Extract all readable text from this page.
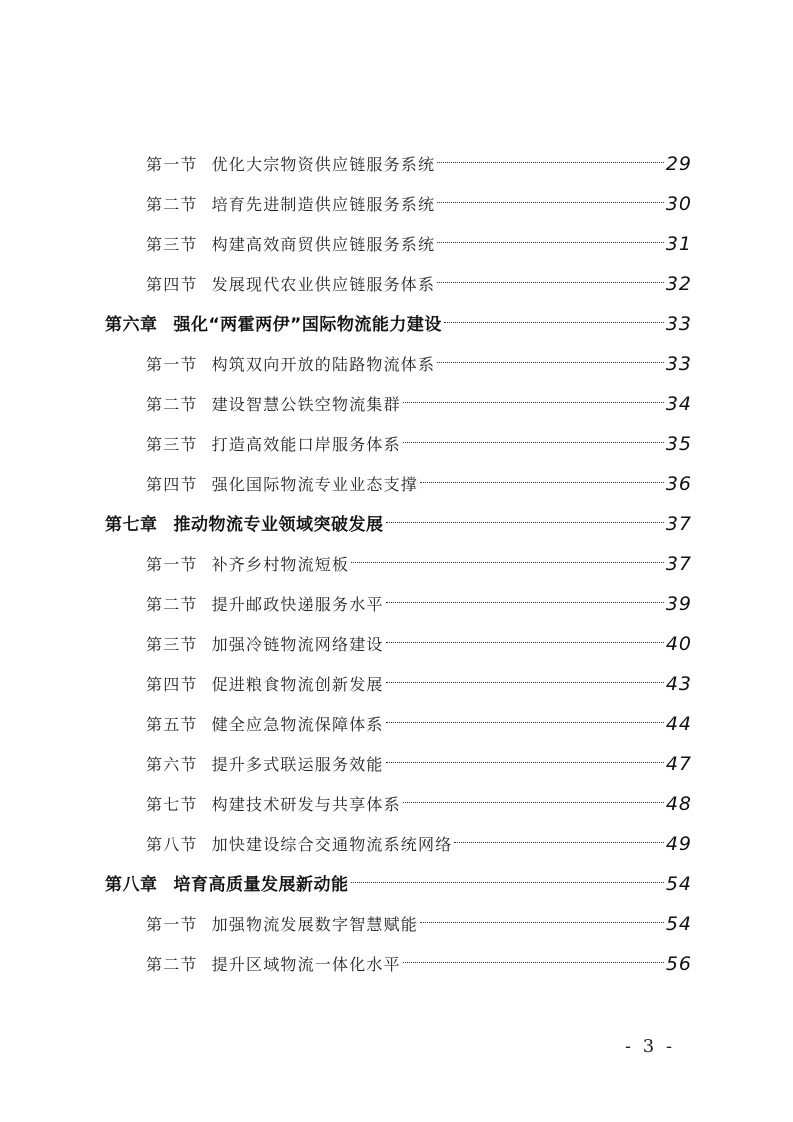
第一节 优化大宗物资供应链服务系统	29
第二节 培育先进制造供应链服务系统	30
第三节 构建高效商贸供应链服务系统	31
第四节 发展现代农业供应链服务体系	32
第六章 强化“两霍两伊”国际物流能力建设	33
第一节 构筑双向开放的陆路物流体系	33
第二节 建设智慧公铁空物流集群	34
第三节 打造高效能口岸服务体系	35
第四节 强化国际物流专业业态支撑	36
第七章 推动物流专业领域突破发展	37
第一节 补齐乡村物流短板	37
第二节 提升邮政快递服务水平	39
第三节 加强冷链物流网络建设	40
第四节 促进粮食物流创新发展	43
第五节 健全应急物流保障体系	44
第六节 提升多式联运服务效能	47
第七节 构建技术研发与共享体系	48
第八节 加快建设综合交通物流系统网络	49
第八章 培育高质量发展新动能	54
第一节 加强物流发展数字智慧赋能	54
第二节 提升区域物流一体化水平	56
- 3 -
